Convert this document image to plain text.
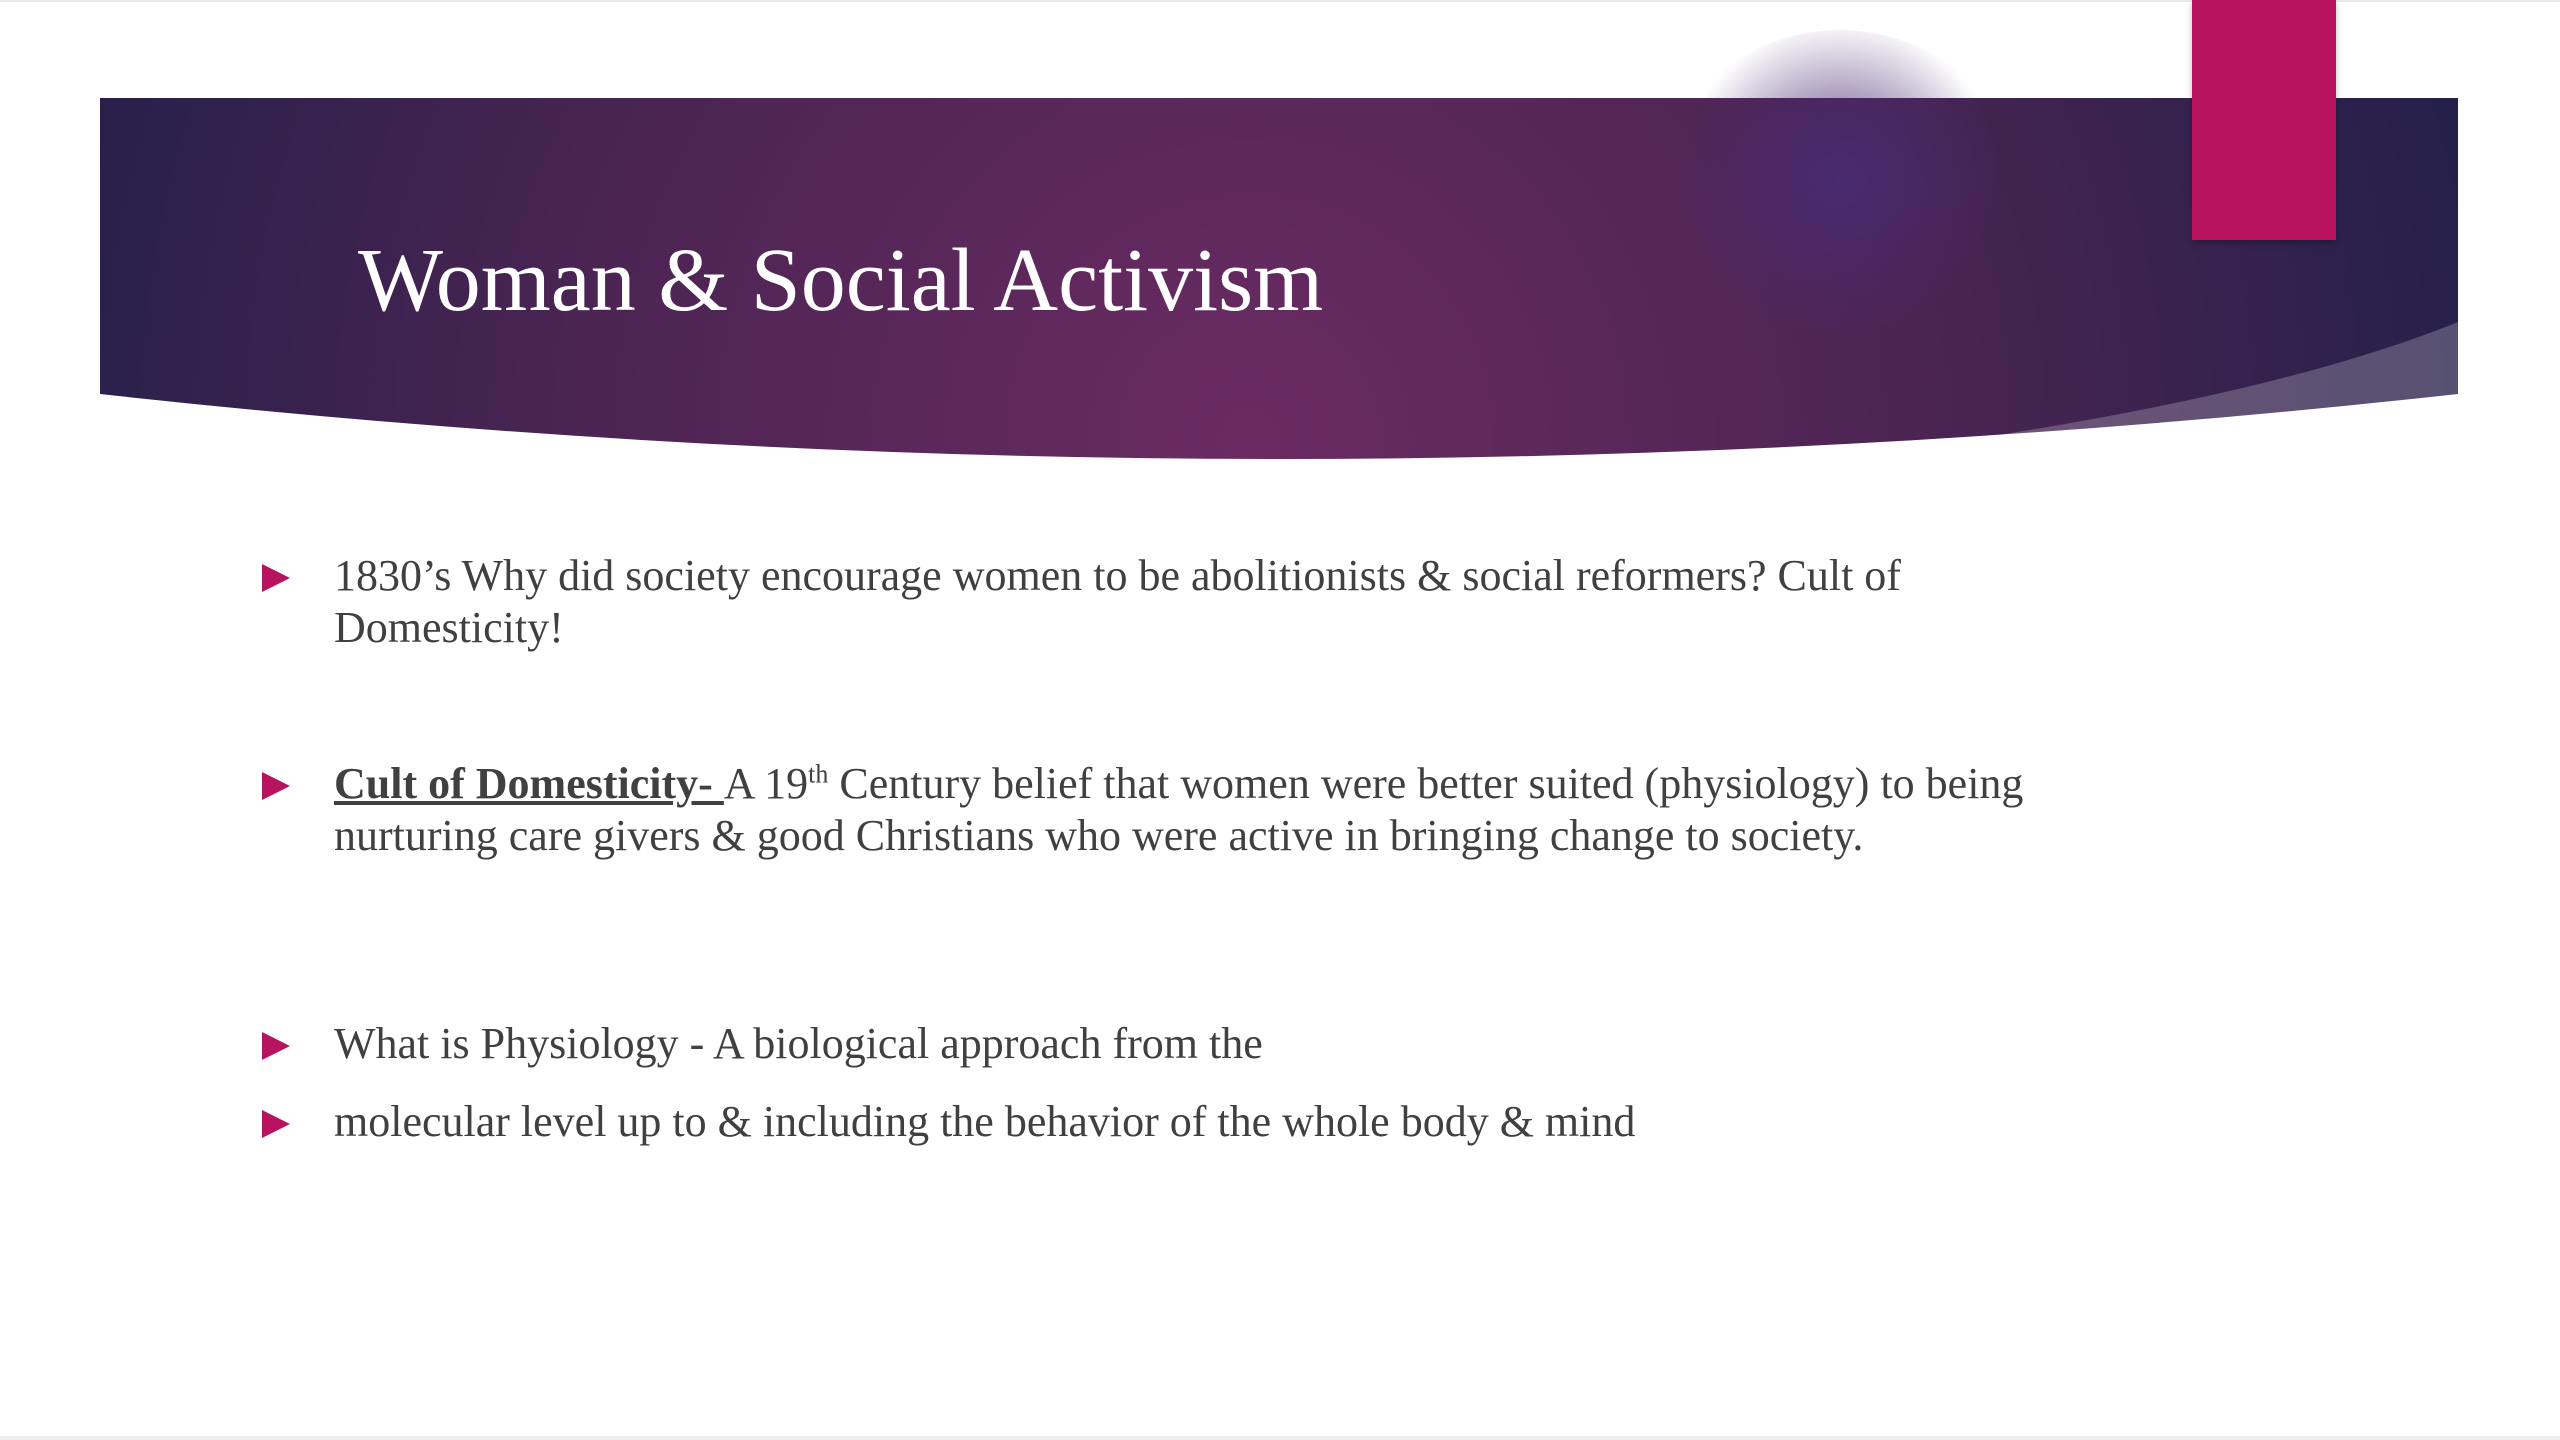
Woman & Social Activism
1830’s Why did society encourage women to be abolitionists & social reformers? Cult of Domesticity!
Cult of Domesticity- A 19th Century belief that women were better suited (physiology) to being nurturing care givers & good Christians who were active in bringing change to society.
What is Physiology - A biological approach from the
molecular level up to & including the behavior of the whole body & mind
